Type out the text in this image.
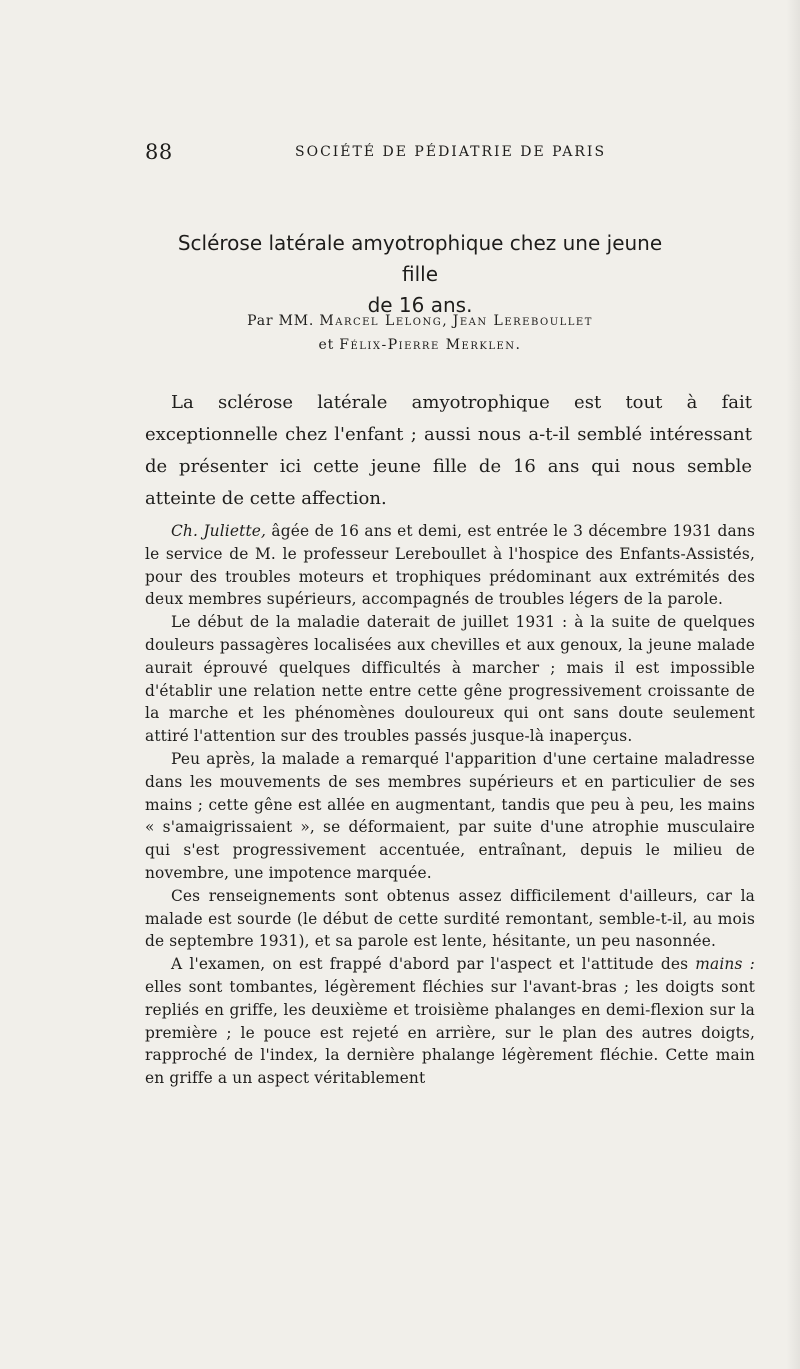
88	SOCIÉTÉ DE PÉDIATRIE DE PARIS
Sclérose latérale amyotrophique chez une jeune fille
de 16 ans.
Par MM. Marcel Lelong, Jean Lereboullet
et Félix-Pierre Merklen.

La sclérose latérale amyotrophique est tout à fait exceptionnelle chez l'enfant ; aussi nous a-t-il semblé intéressant de présenter ici cette jeune fille de 16 ans qui nous semble atteinte de cette affection.

Ch. Juliette, âgée de 16 ans et demi, est entrée le 3 décembre 1931 dans le service de M. le professeur Lereboullet à l'hospice des Enfants-Assistés, pour des troubles moteurs et trophiques prédominant aux extrémités des deux membres supérieurs, accompagnés de troubles légers de la parole.

Le début de la maladie daterait de juillet 1931 : à la suite de quelques douleurs passagères localisées aux chevilles et aux genoux, la jeune malade aurait éprouvé quelques difficultés à marcher ; mais il est impossible d'établir une relation nette entre cette gêne progressivement croissante de la marche et les phénomènes douloureux qui ont sans doute seulement attiré l'attention sur des troubles passés jusque-là inaperçus.

Peu après, la malade a remarqué l'apparition d'une certaine maladresse dans les mouvements de ses membres supérieurs et en particulier de ses mains ; cette gêne est allée en augmentant, tandis que peu à peu, les mains « s'amaigrissaient », se déformaient, par suite d'une atrophie musculaire qui s'est progressivement accentuée, entraînant, depuis le milieu de novembre, une impotence marquée.

Ces renseignements sont obtenus assez difficilement d'ailleurs, car la malade est sourde (le début de cette surdité remontant, semble-t-il, au mois de septembre 1931), et sa parole est lente, hésitante, un peu nasonnée.

A l'examen, on est frappé d'abord par l'aspect et l'attitude des mains : elles sont tombantes, légèrement fléchies sur l'avant-bras ; les doigts sont repliés en griffe, les deuxième et troisième phalanges en demi-flexion sur la première ; le pouce est rejeté en arrière, sur le plan des autres doigts, rapproché de l'index, la dernière phalange légèrement fléchie. Cette main en griffe a un aspect véritablement
